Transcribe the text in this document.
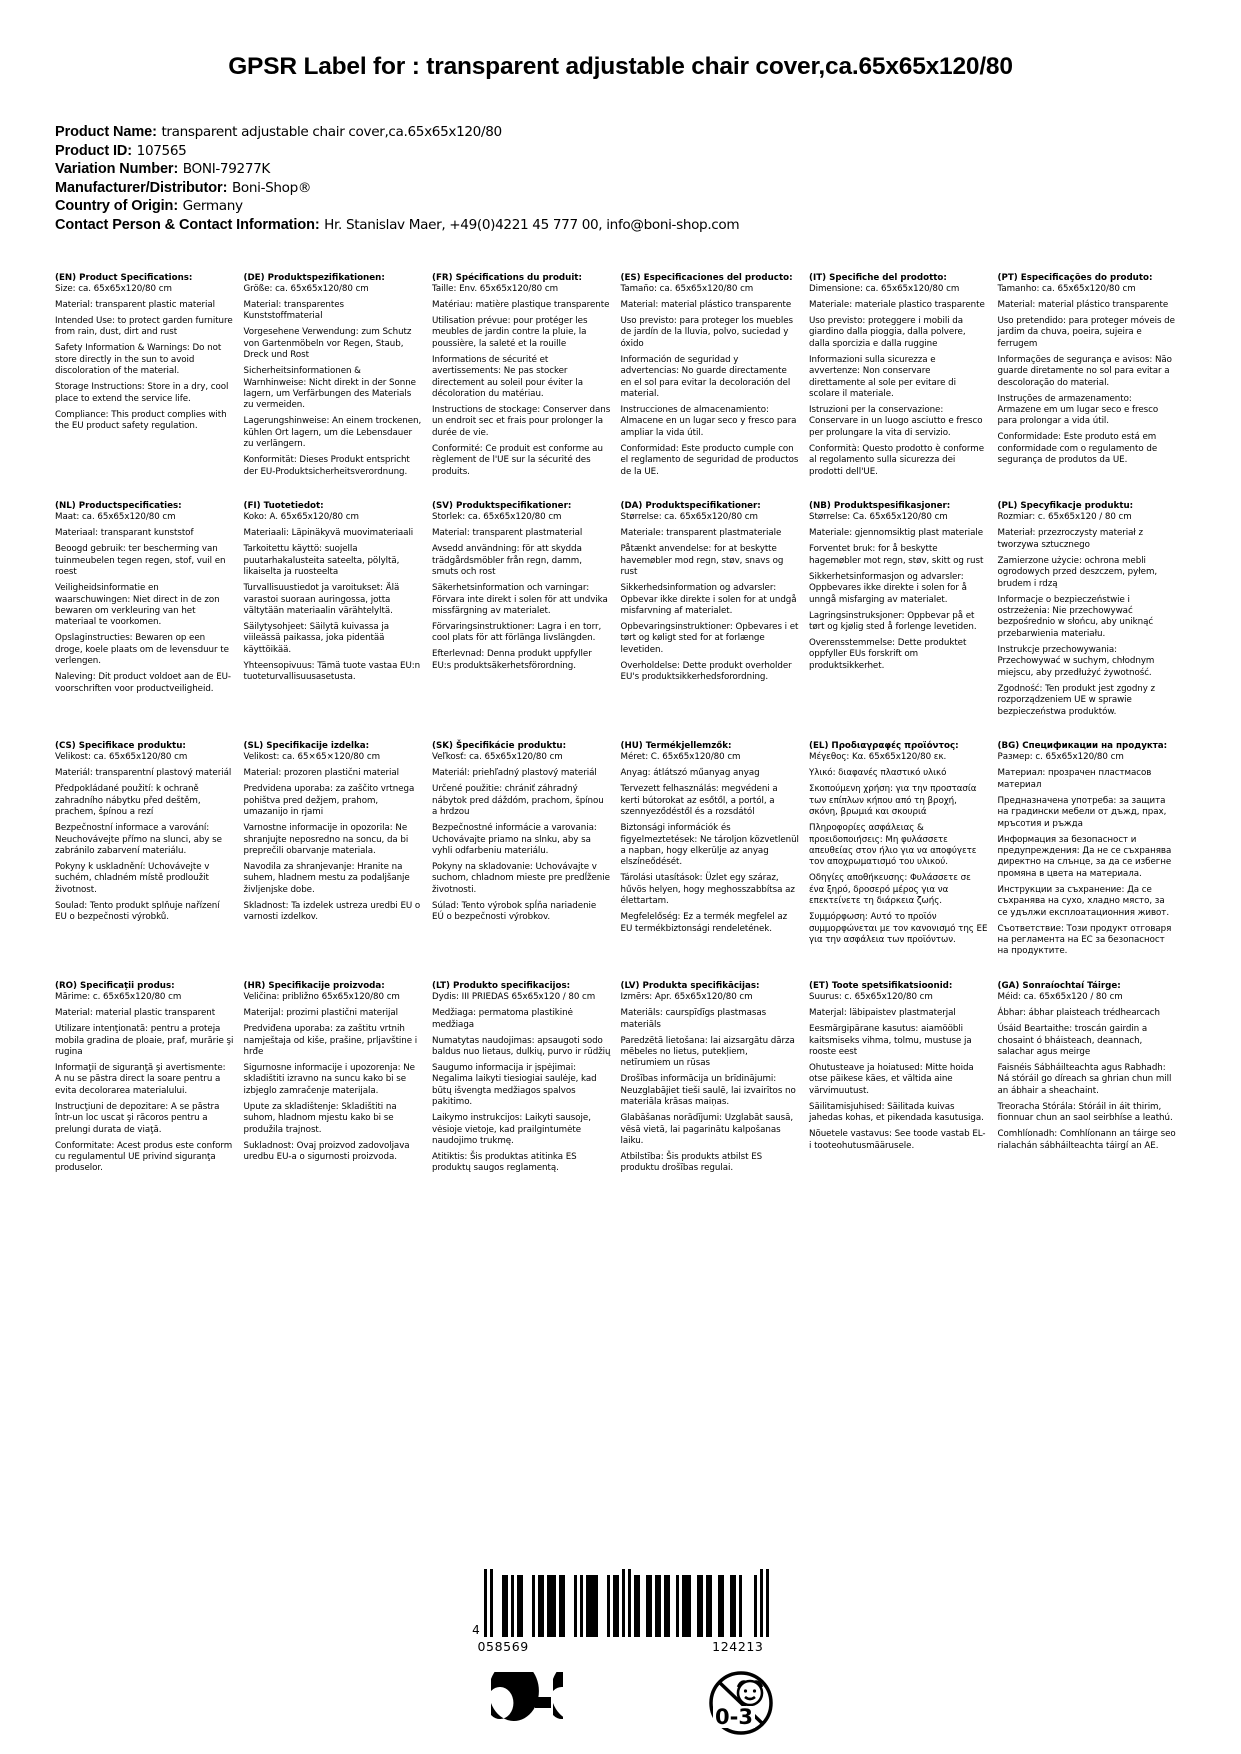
GPSR Label for : transparent adjustable chair cover,ca.65x65x120/80
Product Name: transparent adjustable chair cover,ca.65x65x120/80
Product ID: 107565
Variation Number: BONI-79277K
Manufacturer/Distributor: Boni-Shop®
Country of Origin: Germany
Contact Person & Contact Information: Hr. Stanislav Maer, +49(0)4221 45 777 00, info@boni-shop.com
(EN) Product Specifications:

Size: ca. 65x65x120/80 cm

Material: transparent plastic material

Intended Use: to protect garden furniture from rain, dust, dirt and rust

Safety Information & Warnings: Do not store directly in the sun to avoid discoloration of the material.

Storage Instructions: Store in a dry, cool place to extend the service life.

Compliance: This product complies with the EU product safety regulation.

(DE) Produktspezifikationen:

Größe: ca. 65x65x120/80 cm

Material: transparentes Kunststoffmaterial

Vorgesehene Verwendung: zum Schutz von Gartenmöbeln vor Regen, Staub, Dreck und Rost

Sicherheitsinformationen & Warnhinweise: Nicht direkt in der Sonne lagern, um Verfärbungen des Materials zu vermeiden.

Lagerungshinweise: An einem trockenen, kühlen Ort lagern, um die Lebensdauer zu verlängern.

Konformität: Dieses Produkt entspricht der EU-Produktsicherheitsverordnung.

(FR) Spécifications du produit:

Taille: Env. 65x65x120/80 cm

Matériau: matière plastique transparente

Utilisation prévue: pour protéger les meubles de jardin contre la pluie, la poussière, la saleté et la rouille

Informations de sécurité et avertissements: Ne pas stocker directement au soleil pour éviter la décoloration du matériau.

Instructions de stockage: Conserver dans un endroit sec et frais pour prolonger la durée de vie.

Conformité: Ce produit est conforme au règlement de l'UE sur la sécurité des produits.

(ES) Especificaciones del producto:

Tamaño: ca. 65x65x120/80 cm

Material: material plástico transparente

Uso previsto: para proteger los muebles de jardín de la lluvia, polvo, suciedad y óxido

Información de seguridad y advertencias: No guarde directamente en el sol para evitar la decoloración del material.

Instrucciones de almacenamiento: Almacene en un lugar seco y fresco para ampliar la vida útil.

Conformidad: Este producto cumple con el reglamento de seguridad de productos de la UE.

(IT) Specifiche del prodotto:

Dimensione: ca. 65x65x120/80 cm

Materiale: materiale plastico trasparente

Uso previsto: proteggere i mobili da giardino dalla pioggia, dalla polvere, dalla sporcizia e dalla ruggine

Informazioni sulla sicurezza e avvertenze: Non conservare direttamente al sole per evitare di scolare il materiale.

Istruzioni per la conservazione: Conservare in un luogo asciutto e fresco per prolungare la vita di servizio.

Conformità: Questo prodotto è conforme al regolamento sulla sicurezza dei prodotti dell'UE.

(PT) Especificações do produto:

Tamanho: ca. 65x65x120/80 cm

Material: material plástico transparente

Uso pretendido: para proteger móveis de jardim da chuva, poeira, sujeira e ferrugem

Informações de segurança e avisos: Não guarde diretamente no sol para evitar a descoloração do material.

Instruções de armazenamento: Armazene em um lugar seco e fresco para prolongar a vida útil.

Conformidade: Este produto está em conformidade com o regulamento de segurança de produtos da UE.

(NL) Productspecificaties:

Maat: ca. 65x65x120/80 cm

Materiaal: transparant kunststof

Beoogd gebruik: ter bescherming van tuinmeubelen tegen regen, stof, vuil en roest

Veiligheidsinformatie en waarschuwingen: Niet direct in de zon bewaren om verkleuring van het materiaal te voorkomen.

Opslaginstructies: Bewaren op een droge, koele plaats om de levensduur te verlengen.

Naleving: Dit product voldoet aan de EU-voorschriften voor productveiligheid.

(FI) Tuotetiedot:

Koko: A. 65x65x120/80 cm

Materiaali: Läpinäkyvä muovimateriaali

Tarkoitettu käyttö: suojella puutarhakalusteita sateelta, pölyltä, likaiselta ja ruosteelta

Turvallisuustiedot ja varoitukset: Älä varastoi suoraan auringossa, jotta vältytään materiaalin värähtelyltä.

Säilytysohjeet: Säilytä kuivassa ja viileässä paikassa, joka pidentää käyttöikää.

Yhteensopivuus: Tämä tuote vastaa EU:n tuoteturvallisuusasetusta.

(SV) Produktspecifikationer:

Storlek: ca. 65x65x120/80 cm

Material: transparent plastmaterial

Avsedd användning: för att skydda trädgårdsmöbler från regn, damm, smuts och rost

Säkerhetsinformation och varningar: Förvara inte direkt i solen för att undvika missfärgning av materialet.

Förvaringsinstruktioner: Lagra i en torr, cool plats för att förlänga livslängden.

Efterlevnad: Denna produkt uppfyller EU:s produktsäkerhetsförordning.

(DA) Produktspecifikationer:

Størrelse: ca. 65x65x120/80 cm

Materiale: transparent plastmateriale

Påtænkt anvendelse: for at beskytte havemøbler mod regn, støv, snavs og rust

Sikkerhedsinformation og advarsler: Opbevar ikke direkte i solen for at undgå misfarvning af materialet.

Opbevaringsinstruktioner: Opbevares i et tørt og køligt sted for at forlænge levetiden.

Overholdelse: Dette produkt overholder EU's produktsikkerhedsforordning.

(NB) Produktspesifikasjoner:

Størrelse: Ca. 65x65x120/80 cm

Materiale: gjennomsiktig plast materiale

Forventet bruk: for å beskytte hagemøbler mot regn, støv, skitt og rust

Sikkerhetsinformasjon og advarsler: Oppbevares ikke direkte i solen for å unngå misfarging av materialet.

Lagringsinstruksjoner: Oppbevar på et tørt og kjølig sted å forlenge levetiden.

Overensstemmelse: Dette produktet oppfyller EUs forskrift om produktsikkerhet.

(PL) Specyfikacje produktu:

Rozmiar: c. 65x65x120 / 80 cm

Materiał: przezroczysty materiał z tworzywa sztucznego

Zamierzone użycie: ochrona mebli ogrodowych przed deszczem, pyłem, brudem i rdzą

Informacje o bezpieczeństwie i ostrzeżenia: Nie przechowywać bezpośrednio w słońcu, aby uniknąć przebarwienia materiału.

Instrukcje przechowywania: Przechowywać w suchym, chłodnym miejscu, aby przedłużyć żywotność.

Zgodność: Ten produkt jest zgodny z rozporządzeniem UE w sprawie bezpieczeństwa produktów.

(CS) Specifikace produktu:

Velikost: ca. 65x65x120/80 cm

Materiál: transparentní plastový materiál

Předpokládané použití: k ochraně zahradního nábytku před deštěm, prachem, špínou a rezí

Bezpečnostní informace a varování: Neuchovávejte přímo na slunci, aby se zabránilo zabarvení materiálu.

Pokyny k uskladnění: Uchovávejte v suchém, chladném místě prodloužit životnost.

Soulad: Tento produkt splňuje nařízení EU o bezpečnosti výrobků.

(SL) Specifikacije izdelka:

Velikost: ca. 65×65×120/80 cm

Material: prozoren plastični material

Predvidena uporaba: za zaščito vrtnega pohištva pred dežjem, prahom, umazanijo in rjami

Varnostne informacije in opozorila: Ne shranjujte neposredno na soncu, da bi preprečili obarvanje materiala.

Navodila za shranjevanje: Hranite na suhem, hladnem mestu za podaljšanje življenjske dobe.

Skladnost: Ta izdelek ustreza uredbi EU o varnosti izdelkov.

(SK) Špecifikácie produktu:

Veľkosť: ca. 65x65x120/80 cm

Materiál: priehľadný plastový materiál

Určené použitie: chrániť záhradný nábytok pred dáždóm, prachom, špínou a hrdzou

Bezpečnostné informácie a varovania: Uchovávajte priamo na slnku, aby sa vyhli odfarbeniu materiálu.

Pokyny na skladovanie: Uchovávajte v suchom, chladnom mieste pre predĺženie životnosti.

Súlad: Tento výrobok spĺňa nariadenie EÚ o bezpečnosti výrobkov.

(HU) Termékjellemzők:

Méret: C. 65x65x120/80 cm

Anyag: átlátszó műanyag anyag

Tervezett felhasználás: megvédeni a kerti bútorokat az esőtől, a portól, a szennyeződéstől és a rozsdától

Biztonsági információk és figyelmeztetések: Ne tároljon közvetlenül a napban, hogy elkerülje az anyag elszíneődését.

Tárolási utasítások: Üzlet egy száraz, hűvös helyen, hogy meghosszabbítsa az élettartam.

Megfelelőség: Ez a termék megfelel az EU termékbiztonsági rendeletének.

(EL) Προδιαγραφές προϊόντος:

Μέγεθος: Κα. 65x65x120/80 εκ.

Υλικό: διαφανές πλαστικό υλικό

Σκοπούμενη χρήση: για την προστασία των επίπλων κήπου από τη βροχή, σκόνη, βρωμιά και σκουριά

Πληροφορίες ασφάλειας & προειδοποιήσεις: Μη φυλάσσετε απευθείας στον ήλιο για να αποφύγετε τον αποχρωματισμό του υλικού.

Οδηγίες αποθήκευσης: Φυλάσσετε σε ένα ξηρό, δροσερό μέρος για να επεκτείνετε τη διάρκεια ζωής.

Συμμόρφωση: Αυτό το προϊόν συμμορφώνεται με τον κανονισμό της ΕΕ για την ασφάλεια των προϊόντων.

(BG) Спецификации на продукта:

Размер: с. 65x65x120/80 cm

Материал: прозрачен пластмасов материал

Предназначена употреба: за защита на градински мебели от дъжд, прах, мръсотия и ръжда

Информация за безопасност и предупреждения: Да не се съхранява директно на слънце, за да се избегне промяна в цвета на материала.

Инструкции за съхранение: Да се съхранява на сухо, хладно място, за се удължи експлоатационния живот.

Съответствие: Този продукт отговаря на регламента на ЕС за безопасност на продуктите.

(RO) Specificaţii produs:

Mărime: c. 65x65x120/80 cm

Material: material plastic transparent

Utilizare intenţionată: pentru a proteja mobila gradina de ploaie, praf, murărie şi rugina

Informaţii de siguranţă şi avertismente: A nu se păstra direct la soare pentru a evita decolorarea materialului.

Instrucţiuni de depozitare: A se păstra într-un loc uscat şi răcoros pentru a prelungi durata de viaţă.

Conformitate: Acest produs este conform cu regulamentul UE privind siguranţa produselor.

(HR) Specifikacije proizvoda:

Veličina: približno 65x65x120/80 cm

Materijal: prozirni plastični materijal

Predviđena uporaba: za zaštitu vrtnih namještaja od kiše, prašine, prljavštine i hrđe

Sigurnosne informacije i upozorenja: Ne skladištiti izravno na suncu kako bi se izbjeglo zamračenje materijala.

Upute za skladištenje: Skladištiti na suhom, hladnom mjestu kako bi se produžila trajnost.

Sukladnost: Ovaj proizvod zadovoljava uredbu EU-a o sigurnosti proizvoda.

(LT) Produkto specifikacijos:

Dydis: III PRIEDAS 65x65x120 / 80 cm

Medžiaga: permatoma plastikinė medžiaga

Numatytas naudojimas: apsaugoti sodo baldus nuo lietaus, dulkių, purvo ir rūdžių

Saugumo informacija ir įspėjimai: Negalima laikyti tiesiogiai saulėje, kad būtų išvengta medžiagos spalvos pakitimo.

Laikymo instrukcijos: Laikyti sausoje, vėsioje vietoje, kad prailgintumėte naudojimo trukmę.

Atitiktis: Šis produktas atitinka ES produktų saugos reglamentą.

(LV) Produkta specifikācijas:

Izmērs: Apr. 65x65x120/80 cm

Materiāls: caurspīdīgs plastmasas materiāls

Paredzētā lietošana: lai aizsargātu dārza mēbeles no lietus, putekļiem, netīrumiem un rūsas

Drošības informācija un brīdinājumi: Neuzglabājiet tieši saulē, lai izvairītos no materiāla krāsas maiņas.

Glabāšanas norādījumi: Uzglabāt sausā, vēsā vietā, lai pagarinātu kalpošanas laiku.

Atbilstība: Šis produkts atbilst ES produktu drošības regulai.

(ET) Toote spetsifikatsioonid:

Suurus: c. 65x65x120/80 cm

Materjal: läbipaistev plastmaterjal

Eesmärgipärane kasutus: aiamööbli kaitsmiseks vihma, tolmu, mustuse ja rooste eest

Ohutusteave ja hoiatused: Mitte hoida otse päikese käes, et vältida aine värvimuutust.

Säilitamisjuhised: Säilitada kuivas jahedas kohas, et pikendada kasutusiga.

Nõuetele vastavus: See toode vastab EL-i tooteohutusmäärusele.

(GA) Sonraíochtaí Táirge:

Méid: ca. 65x65x120 / 80 cm

Ábhar: ábhar plaisteach trédhearcach

Úsáid Beartaithe: troscán gairdin a chosaint ó bháisteach, deannach, salachar agus meirge

Faisnéis Sábháilteachta agus Rabhadh: Ná stóráil go díreach sa ghrian chun mill an ábhair a sheachaint.

Treoracha Stórála: Stóráil in áit thirim, fionnuar chun an saol seirbhíse a leathú.

Comhlíonadh: Comhlíonann an táirge seo rialachán sábháilteachta táirgí an AE.

4
058569	124213
0-3
